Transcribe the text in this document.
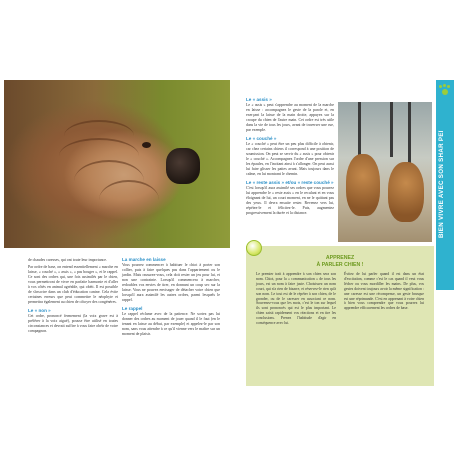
BIEN VIVRE AVEC SON SHAR PEÏ

de chaudes caresses, qui ont toute leur importance.

Par ordre de base, on entend essentiellement « marche en laisse, « couché », « assis », « pas bouger », et le rappel. Ce sont des ordres qui, une fois assimilés par le chien, vous permettront de vivre en parfaite harmonie et d'aller à vos côtés en animal agréable, qui obéit. Il est possible de s'inscrire dans un club d'éducation canine. Cela évite certaines erreurs que peut commettre le néophyte et permettra également au chien de côtoyer des congénères.

Le « non »

Cet ordre, prononcé fermement (la voix grave est à préférer à la voix aiguë), pousse être utilisé en toutes circonstances et devrait suffire à vous faire obéir de votre compagnon.

La marche en laisse

Vous pourrez commencer à habituer le chiot à porter son collier, puis à faire quelques pas dans l'appartement ou le jardin. Mais rassurez-vous, cela doit rester un jeu pour lui, et non une contrainte. Lorsqu'il commencera à marcher, redoublez vos envies de tirer, en donnant un coup sec sur la laisse. Vous ne pouvez envisager de détacher votre chien que lorsqu'il aura assimilé les autres ordres, parmi lesquels le rappel.

Le rappel

Le rappel réclame avec de la patience. Ne sortez pas lui donner des ordres au moment de jouer quand il le faut (en le tenant en laisse au début, par exemple) et appelez-le par son nom, sans vous attendre à ce qu'il vienne vers le maître sur un moment de plaisir.

Le « assis »

Le « assis » peut s'apprendre au moment de la marche en laisse : accompagnez le geste de la parole et, en exerçant la laisse de la main droite, appuyez sur la croupe du chien de l'autre main. Cet ordre est très utile dans la vie de tous les jours, avant de traverser une rue, par exemple.

Le « couché »

Le « couché » peut être un peu plus difficile à obtenir, car chez certains chiens il correspond à une position de soumission. On peut se servir du « assis » pour obtenir le « couché ». Accompagnez l'ordre d'une pression sur les épaules, en l'incitant ainsi à s'allonger. On peut aussi lui faire glisser les pattes avant. Mais toujours dans le calme, en lui montrant le chemin.

Le « reste assis » et/ou « reste couché »

C'est lorsqu'il aura assimilé ses ordres que vous pourrez lui apprendre le « reste assis » en le reculant et en vous éloignant de lui, un court moment, en ne le quittant pas des yeux. Il devra ensuite rester. Revenez vers lui, répétez-le et félicitez-le. Puis, augmentez progressivement la durée et la distance.

APPRENEZ
À PARLER CHIEN !
Le premier trait à apprendre à son chien sera son nom. Chiot, pour la « communication » de tous les jours, est un nom à faire juste. Choisissez un nom court, qui n'a rien de bizarre, et réservez-le rien qu'à son nom. Le tout est de le répéter à son chien, de le gronder, ou de le caresser en associant ce nom. Souvenez-vous que les mots, c'est le ton sur lequel ils sont prononcés qui est le plus important. Le chien saisit rapidement vos réactions et en tire les conclusions. Prenez l'habitude d'agir en conséquence avec lui.
Évitez de lui parler quand il est dans un état d'excitation, comme c'est le cas quand il veut vous lécher ou vous mordiller les mains. De plus, vos gestes doivent toujours avoir la même signification : une caresse est une récompense, un geste brusque est une réprimande. C'est en apprenant à votre chien à bien vous comprendre que vous pourrez lui apprendre efficacement les ordres de base.
